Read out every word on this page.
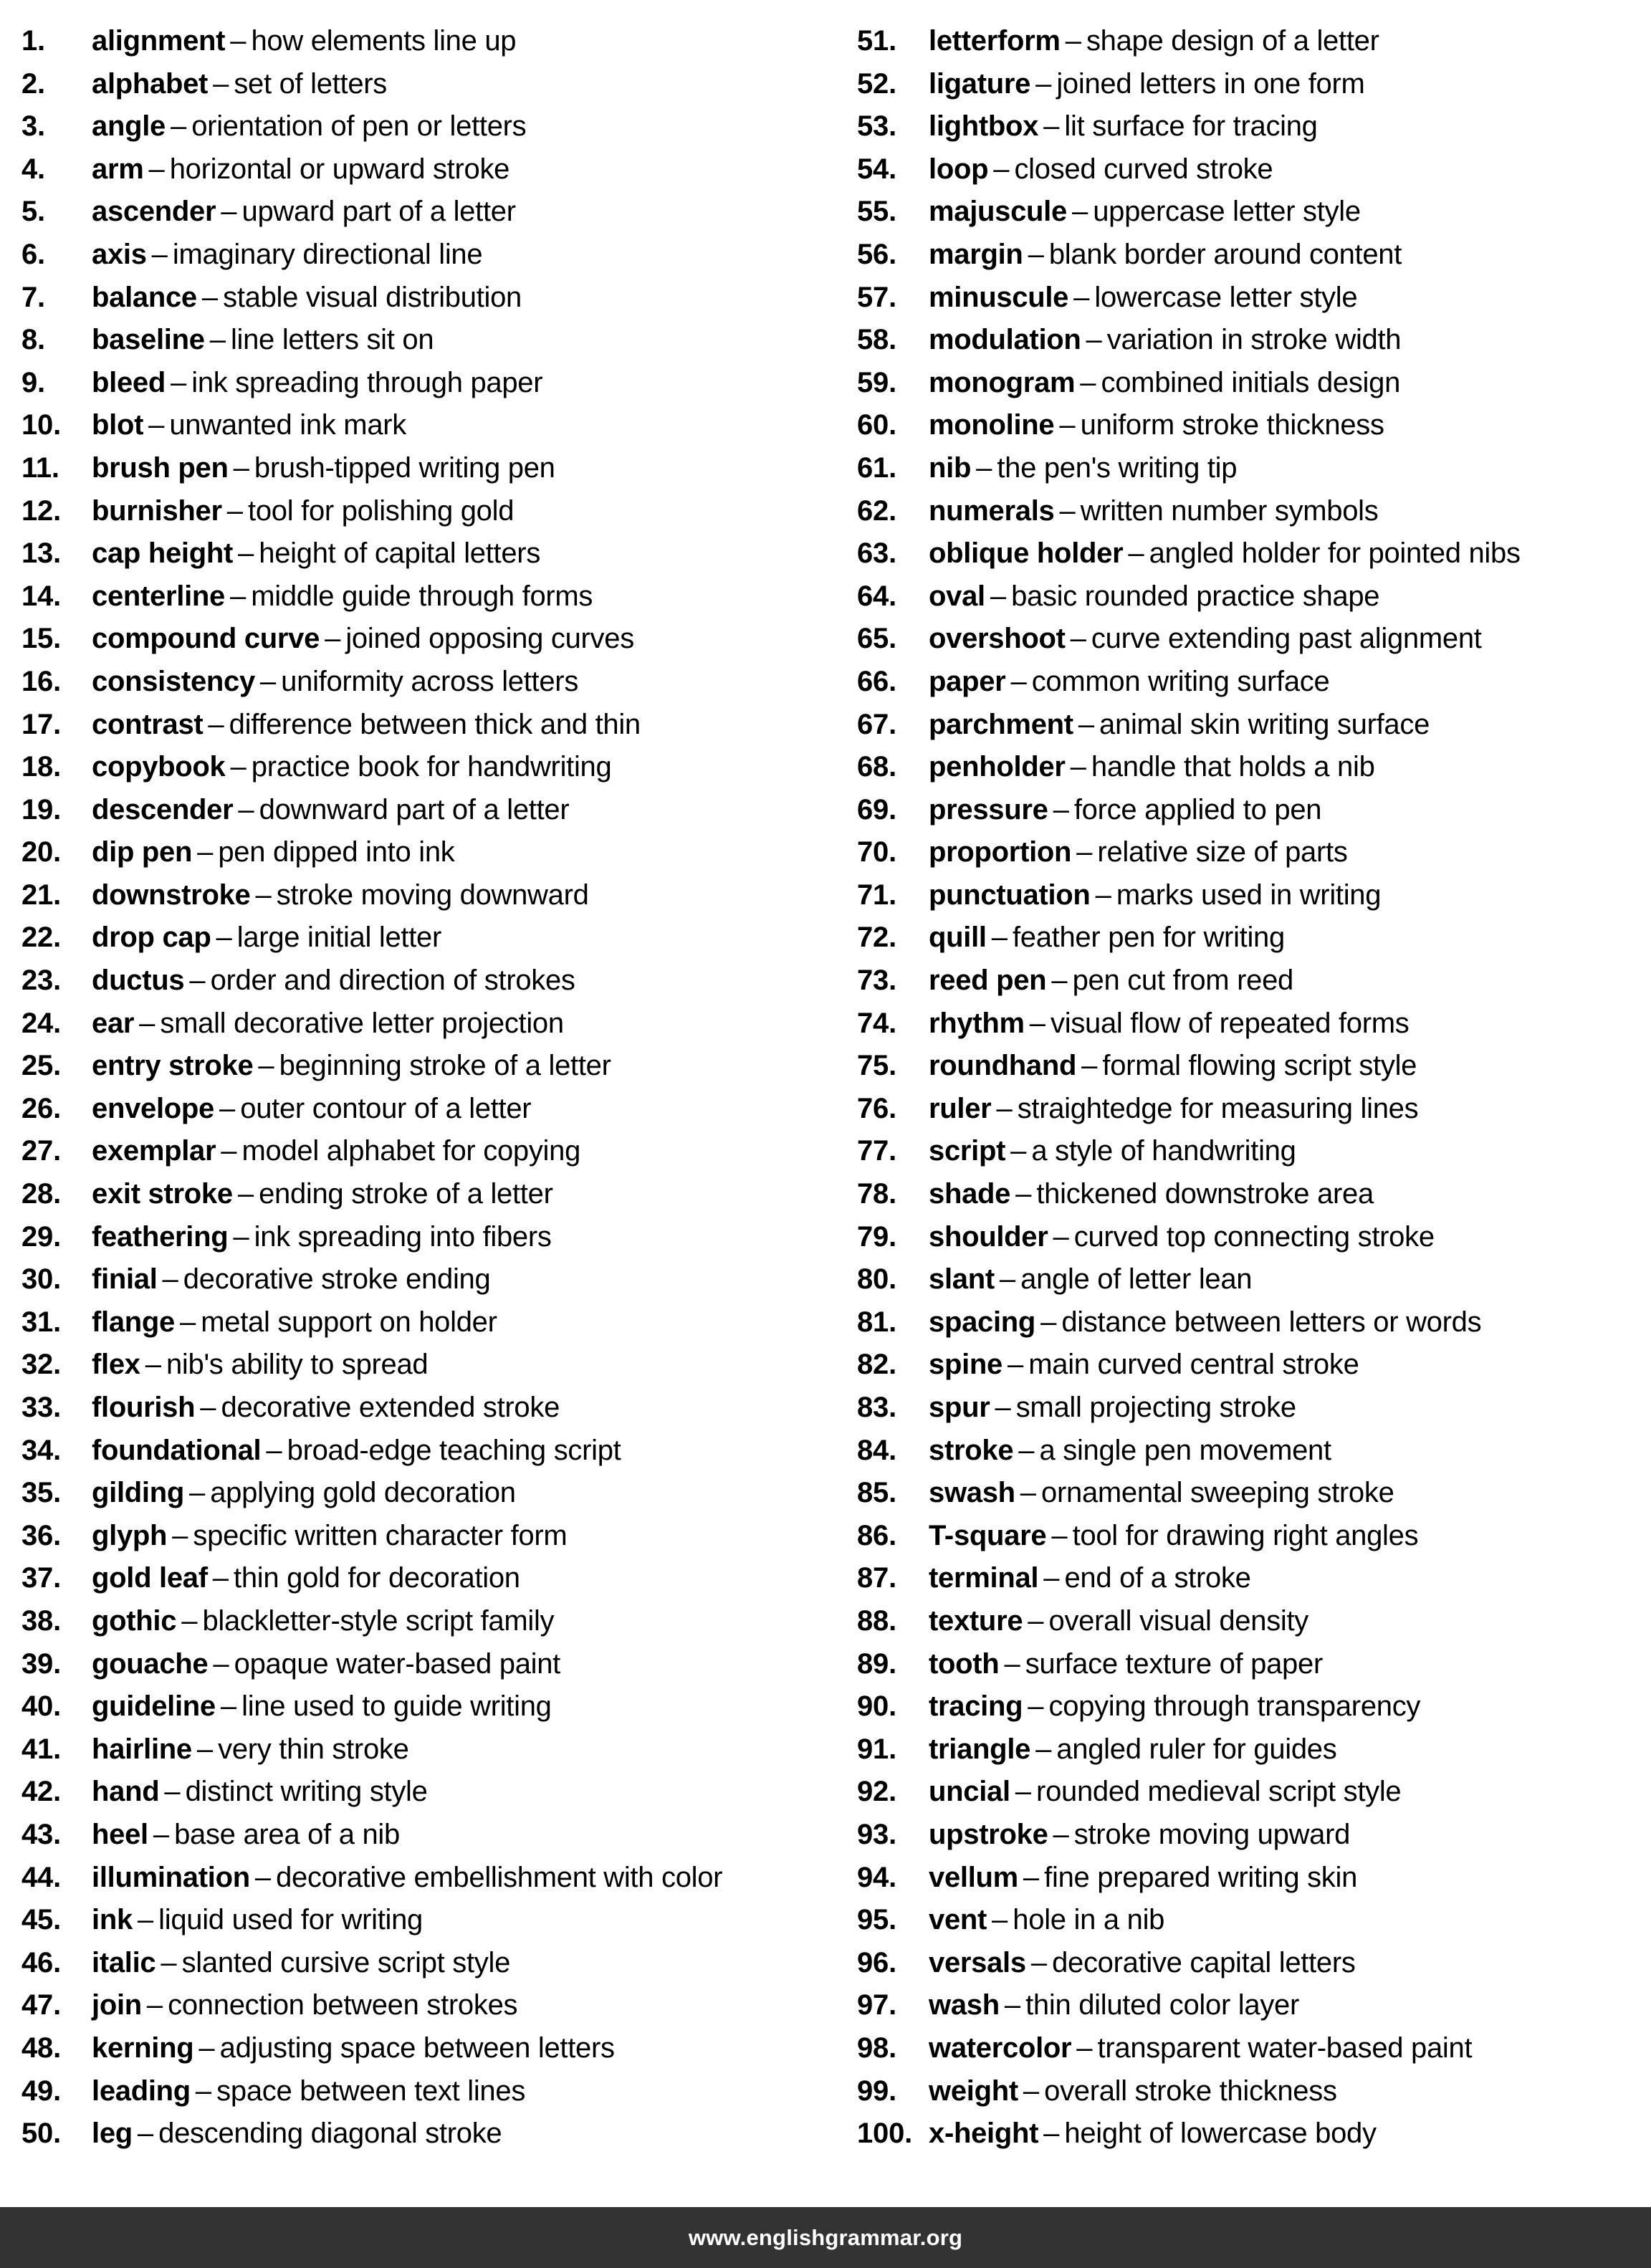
1.	alignment – how elements line up
2.	alphabet – set of letters
3.	angle – orientation of pen or letters
4.	arm – horizontal or upward stroke
5.	ascender – upward part of a letter
6.	axis – imaginary directional line
7.	balance – stable visual distribution
8.	baseline – line letters sit on
9.	bleed – ink spreading through paper
10.	blot – unwanted ink mark
11.	brush pen – brush-tipped writing pen
12.	burnisher – tool for polishing gold
13.	cap height – height of capital letters
14.	centerline – middle guide through forms
15.	compound curve – joined opposing curves
16.	consistency – uniformity across letters
17.	contrast – difference between thick and thin
18.	copybook – practice book for handwriting
19.	descender – downward part of a letter
20.	dip pen – pen dipped into ink
21.	downstroke – stroke moving downward
22.	drop cap – large initial letter
23.	ductus – order and direction of strokes
24.	ear – small decorative letter projection
25.	entry stroke – beginning stroke of a letter
26.	envelope – outer contour of a letter
27.	exemplar – model alphabet for copying
28.	exit stroke – ending stroke of a letter
29.	feathering – ink spreading into fibers
30.	finial – decorative stroke ending
31.	flange – metal support on holder
32.	flex – nib's ability to spread
33.	flourish – decorative extended stroke
34.	foundational – broad-edge teaching script
35.	gilding – applying gold decoration
36.	glyph – specific written character form
37.	gold leaf – thin gold for decoration
38.	gothic – blackletter-style script family
39.	gouache – opaque water-based paint
40.	guideline – line used to guide writing
41.	hairline – very thin stroke
42.	hand – distinct writing style
43.	heel – base area of a nib
44.	illumination – decorative embellishment with color
45.	ink – liquid used for writing
46.	italic – slanted cursive script style
47.	join – connection between strokes
48.	kerning – adjusting space between letters
49.	leading – space between text lines
50.	leg – descending diagonal stroke
51.	letterform – shape design of a letter
52.	ligature – joined letters in one form
53.	lightbox – lit surface for tracing
54.	loop – closed curved stroke
55.	majuscule – uppercase letter style
56.	margin – blank border around content
57.	minuscule – lowercase letter style
58.	modulation – variation in stroke width
59.	monogram – combined initials design
60.	monoline – uniform stroke thickness
61.	nib – the pen's writing tip
62.	numerals – written number symbols
63.	oblique holder – angled holder for pointed nibs
64.	oval – basic rounded practice shape
65.	overshoot – curve extending past alignment
66.	paper – common writing surface
67.	parchment – animal skin writing surface
68.	penholder – handle that holds a nib
69.	pressure – force applied to pen
70.	proportion – relative size of parts
71.	punctuation – marks used in writing
72.	quill – feather pen for writing
73.	reed pen – pen cut from reed
74.	rhythm – visual flow of repeated forms
75.	roundhand – formal flowing script style
76.	ruler – straightedge for measuring lines
77.	script – a style of handwriting
78.	shade – thickened downstroke area
79.	shoulder – curved top connecting stroke
80.	slant – angle of letter lean
81.	spacing – distance between letters or words
82.	spine – main curved central stroke
83.	spur – small projecting stroke
84.	stroke – a single pen movement
85.	swash – ornamental sweeping stroke
86.	T-square – tool for drawing right angles
87.	terminal – end of a stroke
88.	texture – overall visual density
89.	tooth – surface texture of paper
90.	tracing – copying through transparency
91.	triangle – angled ruler for guides
92.	uncial – rounded medieval script style
93.	upstroke – stroke moving upward
94.	vellum – fine prepared writing skin
95.	vent – hole in a nib
96.	versals – decorative capital letters
97.	wash – thin diluted color layer
98.	watercolor – transparent water-based paint
99.	weight – overall stroke thickness
100. x-height – height of lowercase body
www.englishgrammar.org
